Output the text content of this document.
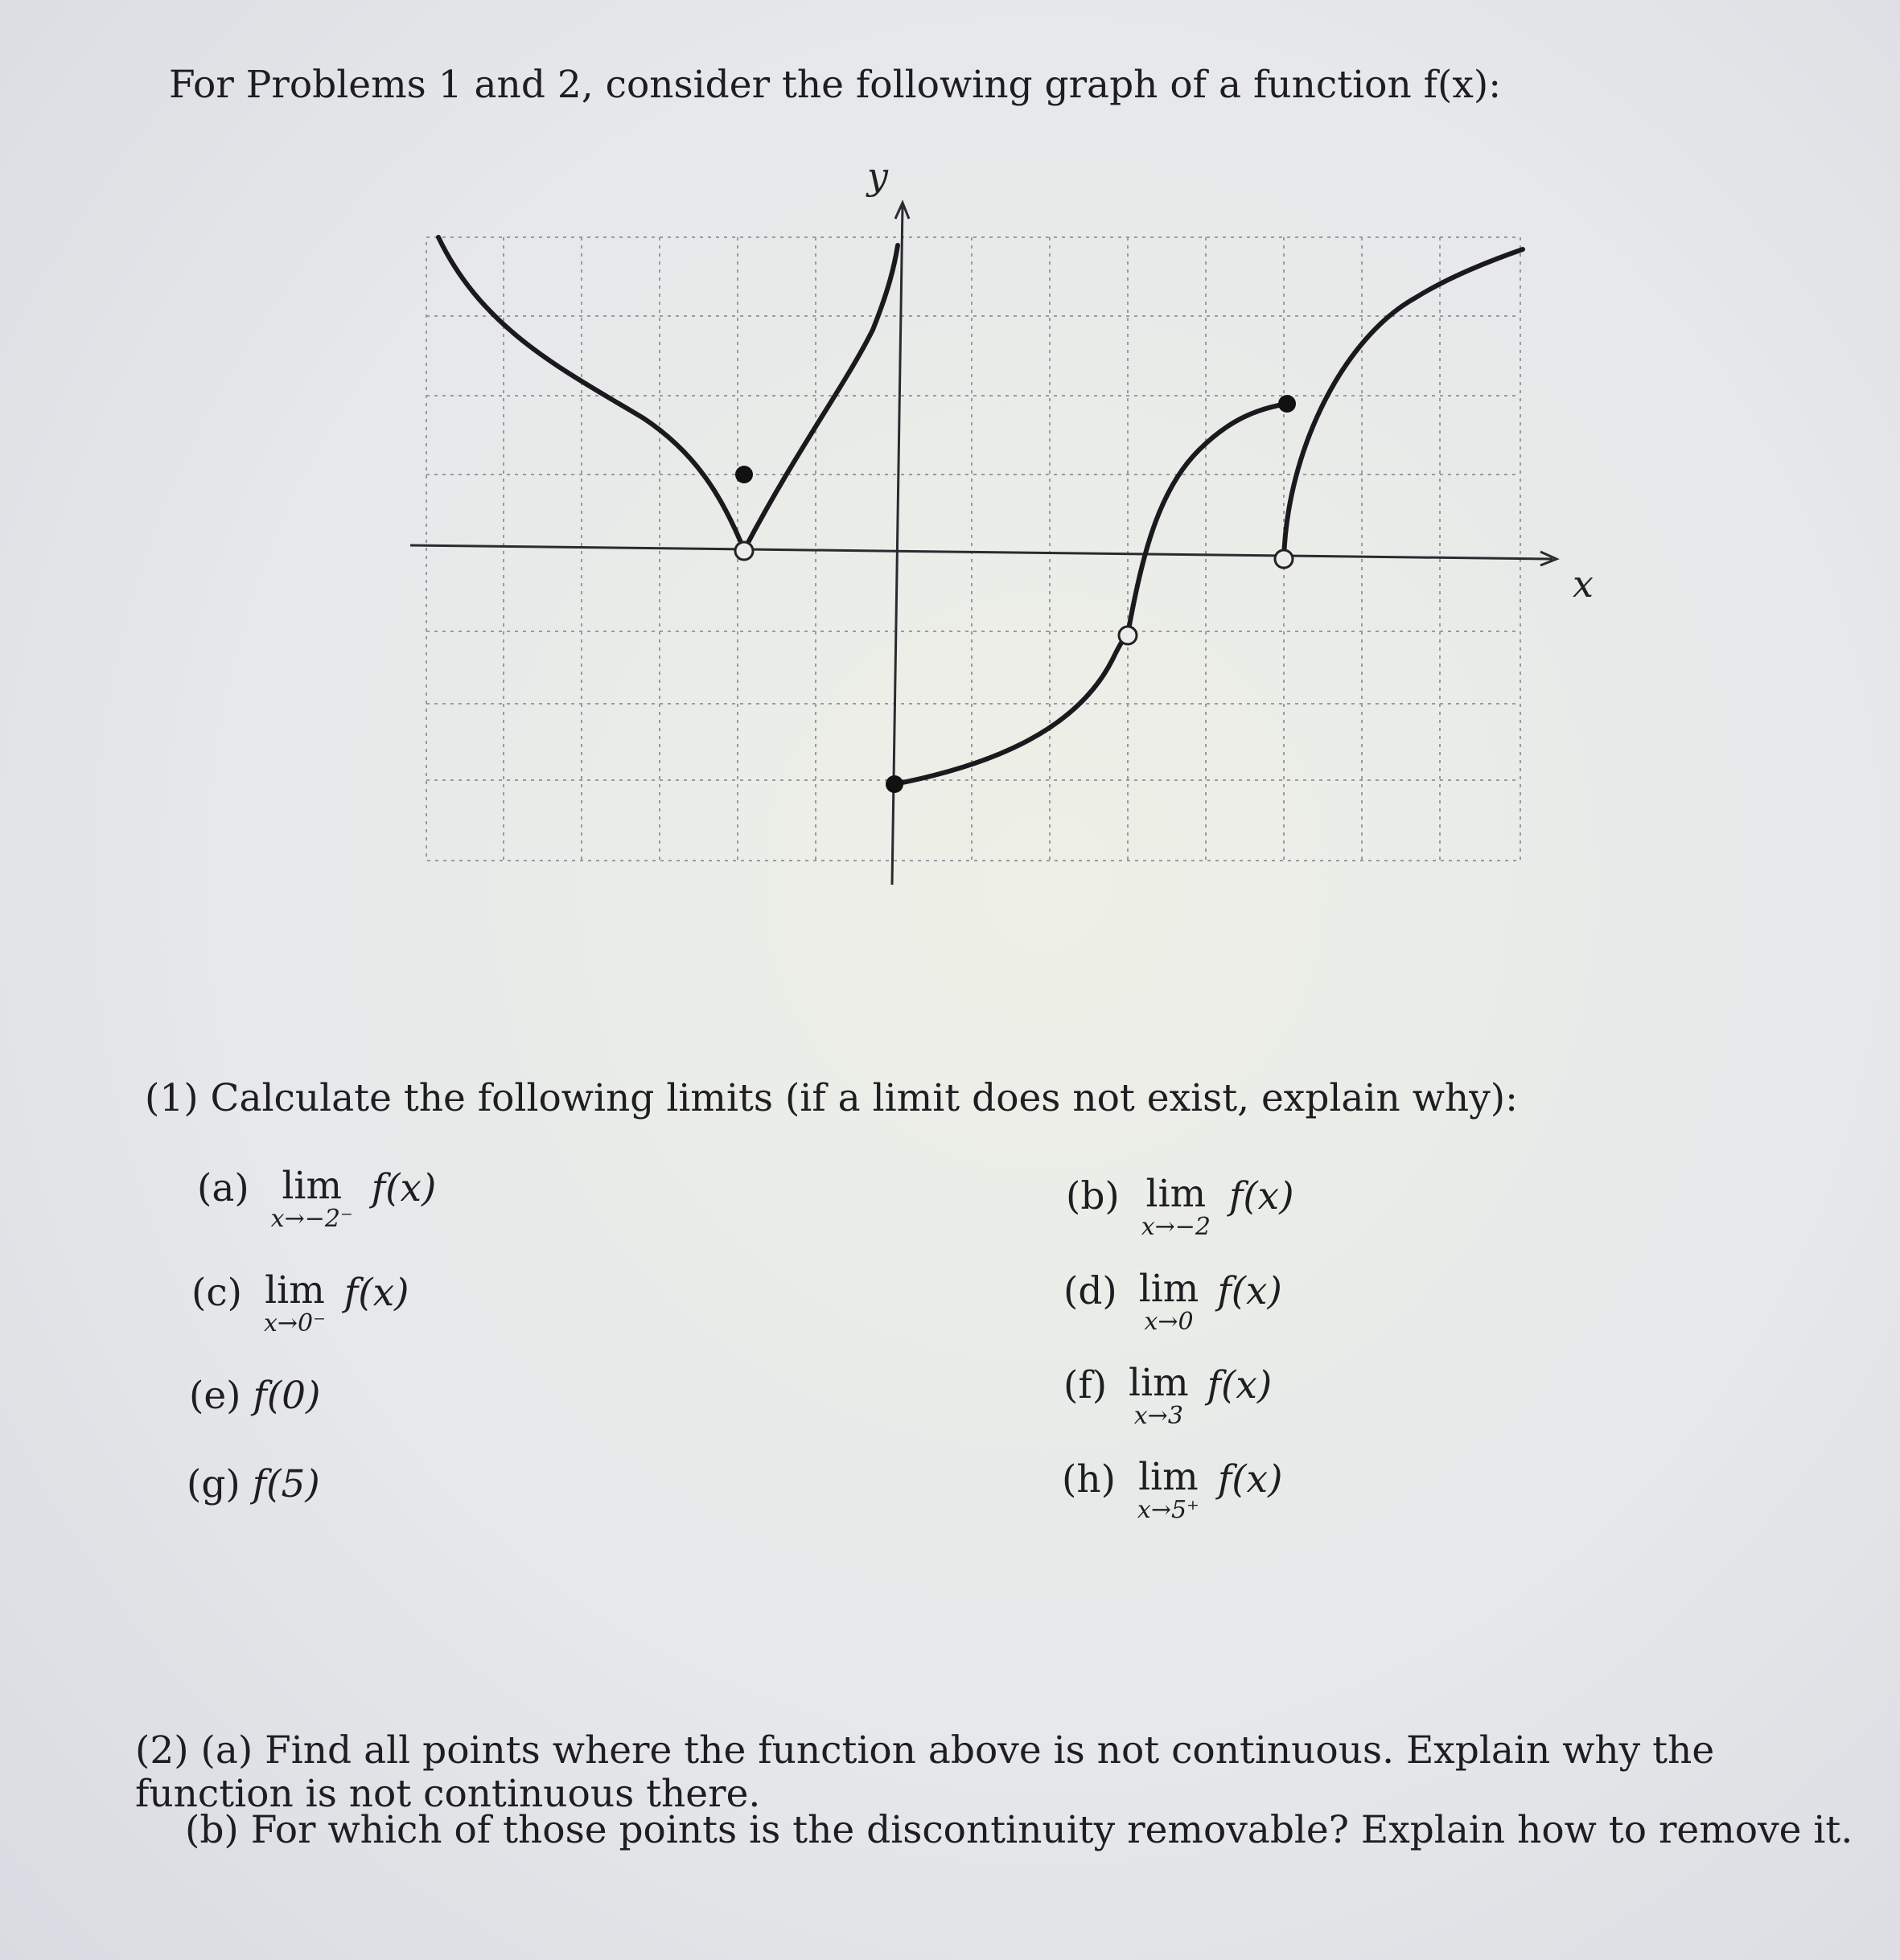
For Problems 1 and 2, consider the following graph of a function f(x):
y
x
(1) Calculate the following limits (if a limit does not exist, explain why):
(a) lim
x→−2⁻
f(x)	(b) lim
x→−2
f(x)
(c) lim
x→0⁻
f(x)	(d) lim
x→0
f(x)
(e) f(0)	(f) lim
x→3
f(x)
(g) f(5)	(h) lim
x→5⁺
f(x)
(2) (a) Find all points where the function above is not continuous. Explain why the function is not continuous there.
(b) For which of those points is the discontinuity removable? Explain how to remove it.
